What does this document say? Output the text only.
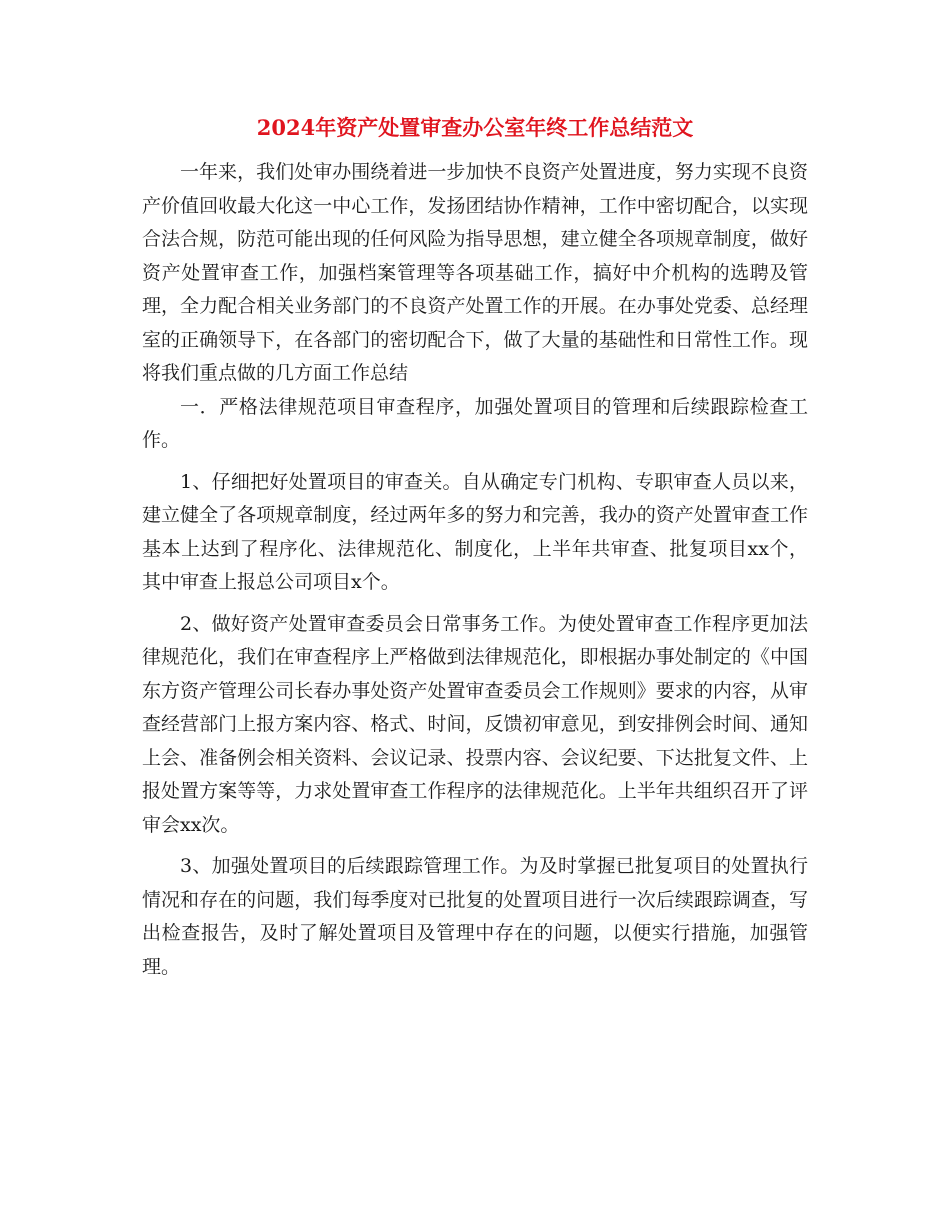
2024年资产处置审查办公室年终工作总结范文

一年来，我们处审办围绕着进一步加快不良资产处置进度，努力实现不良资产价值回收最大化这一中心工作，发扬团结协作精神，工作中密切配合，以实现合法合规，防范可能出现的任何风险为指导思想，建立健全各项规章制度，做好资产处置审查工作，加强档案管理等各项基础工作，搞好中介机构的选聘及管理，全力配合相关业务部门的不良资产处置工作的开展。在办事处党委、总经理室的正确领导下，在各部门的密切配合下，做了大量的基础性和日常性工作。现将我们重点做的几方面工作总结

一．严格法律规范项目审查程序，加强处置项目的管理和后续跟踪检查工作。

1、仔细把好处置项目的审查关。自从确定专门机构、专职审查人员以来，建立健全了各项规章制度，经过两年多的努力和完善，我办的资产处置审查工作基本上达到了程序化、法律规范化、制度化，上半年共审查、批复项目xx个，其中审查上报总公司项目x个。

2、做好资产处置审查委员会日常事务工作。为使处置审查工作程序更加法律规范化，我们在审查程序上严格做到法律规范化，即根据办事处制定的《中国东方资产管理公司长春办事处资产处置审查委员会工作规则》要求的内容，从审查经营部门上报方案内容、格式、时间，反馈初审意见，到安排例会时间、通知上会、准备例会相关资料、会议记录、投票内容、会议纪要、下达批复文件、上报处置方案等等，力求处置审查工作程序的法律规范化。上半年共组织召开了评审会xx次。

3、加强处置项目的后续跟踪管理工作。为及时掌握已批复项目的处置执行情况和存在的问题，我们每季度对已批复的处置项目进行一次后续跟踪调查，写出检查报告，及时了解处置项目及管理中存在的问题，以便实行措施，加强管理。
